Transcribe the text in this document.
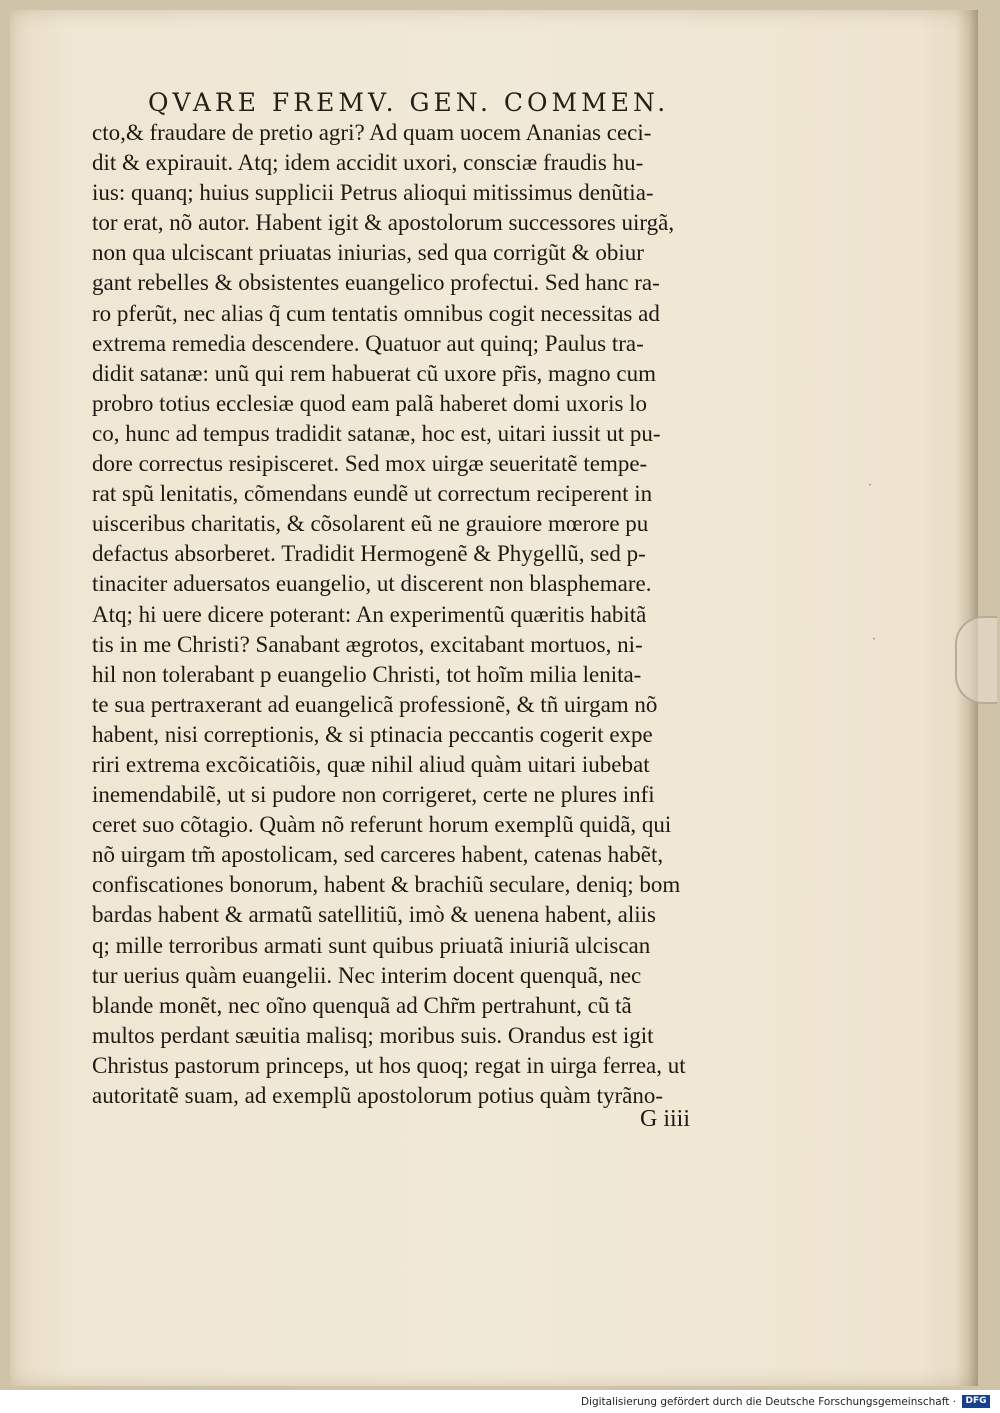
QVARE FREMV. GEN. COMMEN.
cto,& fraudare de pretio agri? Ad quam uocem Ananias ceci-
dit & expirauit. Atq; idem accidit uxori, consciæ fraudis hu-
ius: quanq; huius supplicii Petrus alioqui mitissimus denũtia-
tor erat, nõ autor. Habent igit & apostolorum successores uirgã,
non qua ulciscant priuatas iniurias, sed qua corrigũt & obiur
gant rebelles & obsistentes euangelico profectui. Sed hanc ra-
ro pferũt, nec alias q̃ cum tentatis omnibus cogit necessitas ad
extrema remedia descendere. Quatuor aut quinq; Paulus tra-
didit satanæ: unũ qui rem habuerat cũ uxore pr̃is, magno cum
probro totius ecclesiæ quod eam palã haberet domi uxoris lo
co, hunc ad tempus tradidit satanæ, hoc est, uitari iussit ut pu-
dore correctus resipisceret. Sed mox uirgæ seueritatẽ tempe-
rat spũ lenitatis, cõmendans eundẽ ut correctum reciperent in
uisceribus charitatis, & cõsolarent eũ ne grauiore mœrore pu
defactus absorberet. Tradidit Hermogenẽ & Phygellũ, sed p-
tinaciter aduersatos euangelio, ut discerent non blasphemare.
Atq; hi uere dicere poterant: An experimentũ quæritis habitã
tis in me Christi? Sanabant ægrotos, excitabant mortuos, ni-
hil non tolerabant p euangelio Christi, tot hoĩm milia lenita-
te sua pertraxerant ad euangelicã professionẽ, & tñ uirgam nõ
habent, nisi correptionis, & si ptinacia peccantis cogerit expe
riri extrema excõicatiõis, quæ nihil aliud quàm uitari iubebat
inemendabilẽ, ut si pudore non corrigeret, certe ne plures infi
ceret suo cõtagio. Quàm nõ referunt horum exemplũ quidã, qui
nõ uirgam tm̃ apostolicam, sed carceres habent, catenas habẽt,
confiscationes bonorum, habent & brachiũ seculare, deniq; bom
bardas habent & armatũ satellitiũ, imò & uenena habent, aliis
q; mille terroribus armati sunt quibus priuatã iniuriã ulciscan
tur uerius quàm euangelii. Nec interim docent quenquã, nec
blande monẽt, nec oĩno quenquã ad Chr̃m pertrahunt, cũ tã
multos perdant sæuitia malisq; moribus suis. Orandus est igit
Christus pastorum princeps, ut hos quoq; regat in uirga ferrea, ut
autoritatẽ suam, ad exemplũ apostolorum potius quàm tyrãno-
G iiii
·
·
Digitalisierung gefördert durch die Deutsche Forschungsgemeinschaft ·	DFG
